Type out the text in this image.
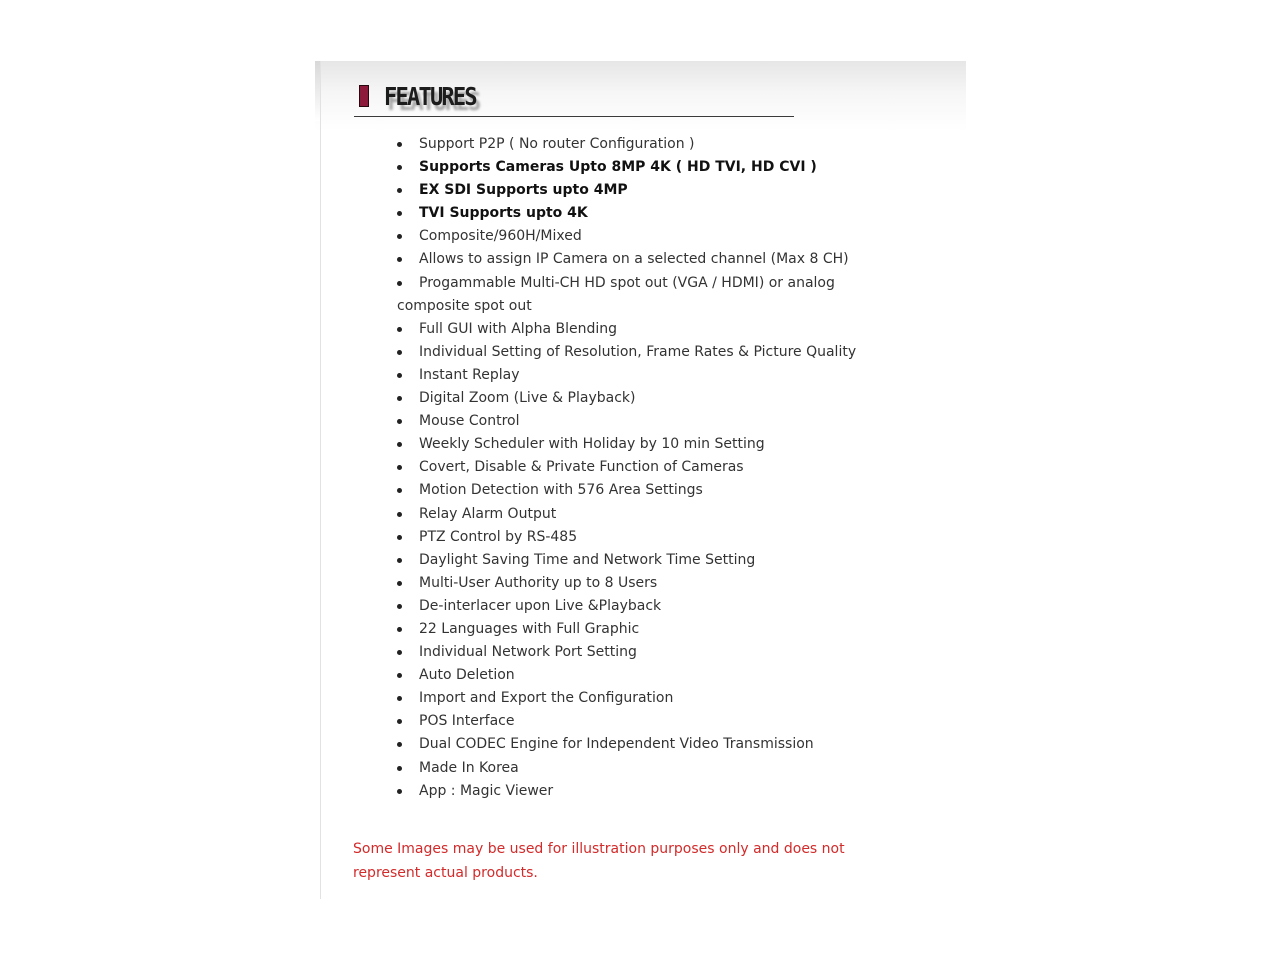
FEATURES
Support P2P ( No router Configuration )
Supports Cameras Upto 8MP 4K ( HD TVI, HD CVI )
EX SDI Supports upto 4MP
TVI Supports upto 4K
Composite/960H/Mixed
Allows to assign IP Camera on a selected channel (Max 8 CH)
Progammable Multi-CH HD spot out (VGA / HDMI) or analog composite spot out
Full GUI with Alpha Blending
Individual Setting of Resolution, Frame Rates & Picture Quality
Instant Replay
Digital Zoom (Live & Playback)
Mouse Control
Weekly Scheduler with Holiday by 10 min Setting
Covert, Disable & Private Function of Cameras
Motion Detection with 576 Area Settings
Relay Alarm Output
PTZ Control by RS-485
Daylight Saving Time and Network Time Setting
Multi-User Authority up to 8 Users
De-interlacer upon Live &Playback
22 Languages with Full Graphic
Individual Network Port Setting
Auto Deletion
Import and Export the Configuration
POS Interface
Dual CODEC Engine for Independent Video Transmission
Made In Korea
App : Magic Viewer
Some Images may be used for illustration purposes only and does not represent actual products.
